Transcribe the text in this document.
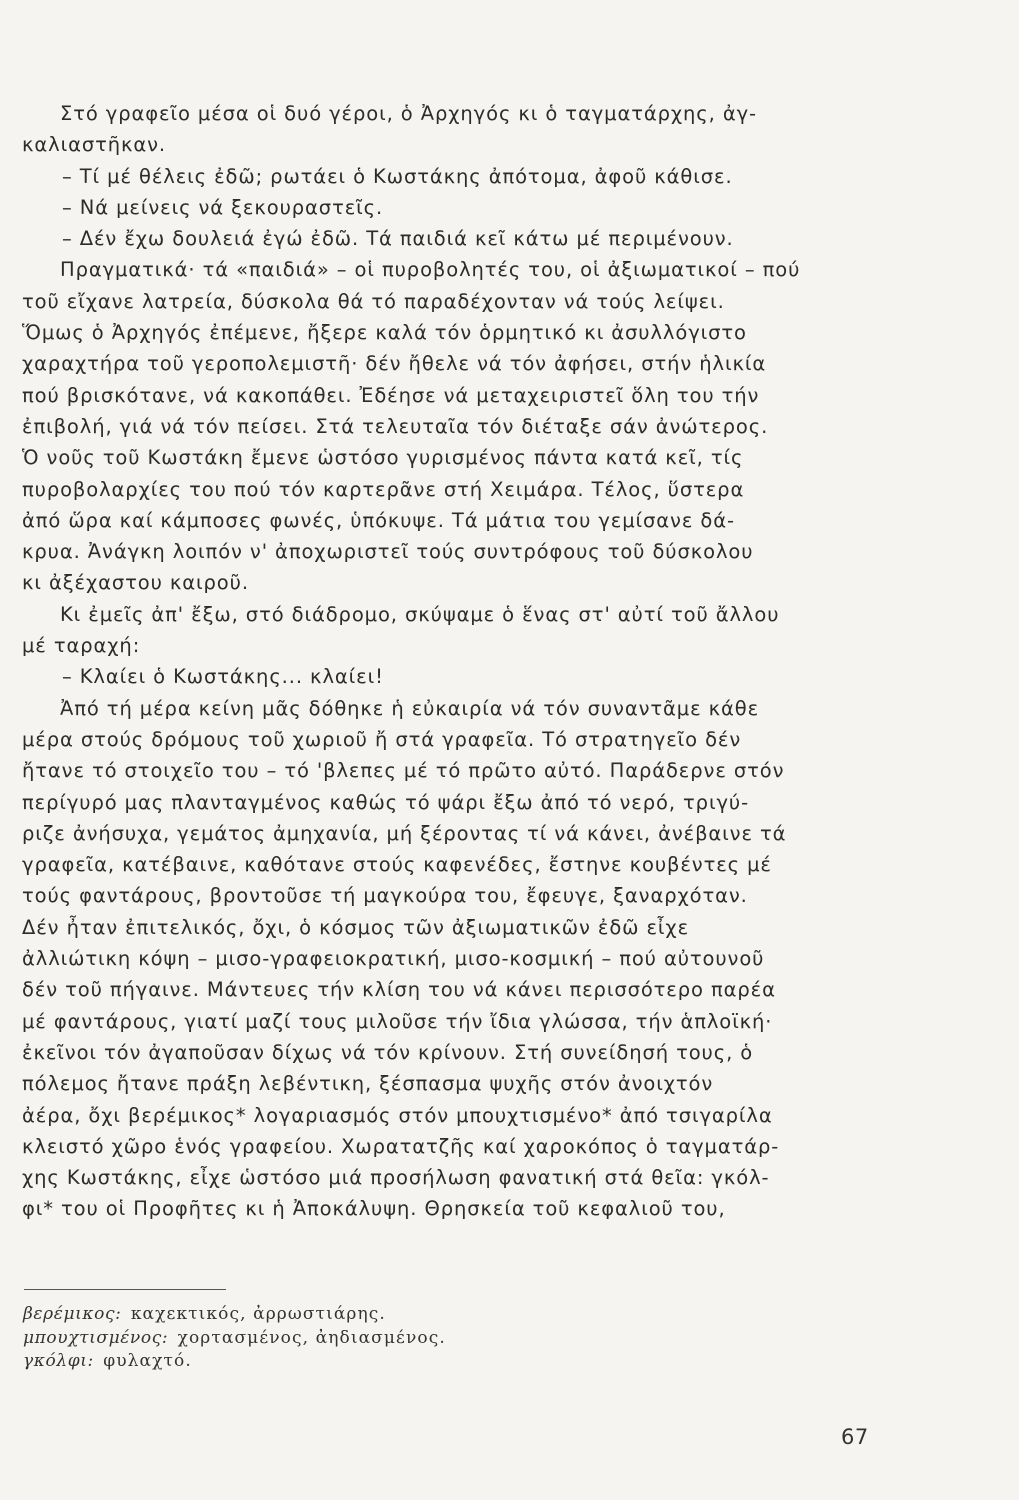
Στό γραφεῖο μέσα οἱ δυό γέροι, ὁ Ἀρχηγός κι ὁ ταγματάρχης, ἀγ-
καλιαστῆκαν.
– Τί μέ θέλεις ἐδῶ; ρωτάει ὁ Κωστάκης ἀπότομα, ἀφοῦ κάθισε.
– Νά μείνεις νά ξεκουραστεῖς.
– Δέν ἔχω δουλειά ἐγώ ἐδῶ. Τά παιδιά κεῖ κάτω μέ περιμένουν.
Πραγματικά· τά «παιδιά» – οἱ πυροβολητές του, οἱ ἀξιωματικοί – πού
τοῦ εἴχανε λατρεία, δύσκολα θά τό παραδέχονταν νά τούς λείψει.
Ὅμως ὁ Ἀρχηγός ἐπέμενε, ἤξερε καλά τόν ὁρμητικό κι ἀσυλλόγιστο
χαραχτήρα τοῦ γεροπολεμιστῆ· δέν ἤθελε νά τόν ἀφήσει, στήν ἡλικία
πού βρισκότανε, νά κακοπάθει. Ἐδέησε νά μεταχειριστεῖ ὅλη του τήν
ἐπιβολή, γιά νά τόν πείσει. Στά τελευταῖα τόν διέταξε σάν ἀνώτερος.
Ὁ νοῦς τοῦ Κωστάκη ἔμενε ὡστόσο γυρισμένος πάντα κατά κεῖ, τίς
πυροβολαρχίες του πού τόν καρτερᾶνε στή Χειμάρα. Τέλος, ὕστερα
ἀπό ὥρα καί κάμποσες φωνές, ὑπόκυψε. Τά μάτια του γεμίσανε δά-
κρυα. Ἀνάγκη λοιπόν ν' ἀποχωριστεῖ τούς συντρόφους τοῦ δύσκολου
κι ἀξέχαστου καιροῦ.
Κι ἐμεῖς ἀπ' ἔξω, στό διάδρομο, σκύψαμε ὁ ἕνας στ' αὐτί τοῦ ἄλλου
μέ ταραχή:
– Κλαίει ὁ Κωστάκης... κλαίει!
Ἀπό τή μέρα κείνη μᾶς δόθηκε ἡ εὐκαιρία νά τόν συναντᾶμε κάθε
μέρα στούς δρόμους τοῦ χωριοῦ ἤ στά γραφεῖα. Τό στρατηγεῖο δέν
ἤτανε τό στοιχεῖο του – τό 'βλεπες μέ τό πρῶτο αὐτό. Παράδερνε στόν
περίγυρό μας πλανταγμένος καθώς τό ψάρι ἔξω ἀπό τό νερό, τριγύ-
ριζε ἀνήσυχα, γεμάτος ἀμηχανία, μή ξέροντας τί νά κάνει, ἀνέβαινε τά
γραφεῖα, κατέβαινε, καθότανε στούς καφενέδες, ἔστηνε κουβέντες μέ
τούς φαντάρους, βροντοῦσε τή μαγκούρα του, ἔφευγε, ξαναρχόταν.
Δέν ἦταν ἐπιτελικός, ὄχι, ὁ κόσμος τῶν ἀξιωματικῶν ἐδῶ εἶχε
ἀλλιώτικη κόψη – μισο-γραφειοκρατική, μισο-κοσμική – πού αὐτουνοῦ
δέν τοῦ πήγαινε. Μάντευες τήν κλίση του νά κάνει περισσότερο παρέα
μέ φαντάρους, γιατί μαζί τους μιλοῦσε τήν ἴδια γλώσσα, τήν ἁπλοϊκή·
ἐκεῖνοι τόν ἀγαποῦσαν δίχως νά τόν κρίνουν. Στή συνείδησή τους, ὁ
πόλεμος ἤτανε πράξη λεβέντικη, ξέσπασμα ψυχῆς στόν ἀνοιχτόν
ἀέρα, ὄχι βερέμικος* λογαριασμός στόν μπουχτισμένο* ἀπό τσιγαρίλα
κλειστό χῶρο ἑνός γραφείου. Χωρατατζῆς καί χαροκόπος ὁ ταγματάρ-
χης Κωστάκης, εἶχε ὡστόσο μιά προσήλωση φανατική στά θεῖα: γκόλ-
φι* του οἱ Προφῆτες κι ἡ Ἀποκάλυψη. Θρησκεία τοῦ κεφαλιοῦ του,
βερέμικος: καχεκτικός, ἀρρωστιάρης.
μπουχτισμένος: χορτασμένος, ἀηδιασμένος.
γκόλφι: φυλαχτό.
67
